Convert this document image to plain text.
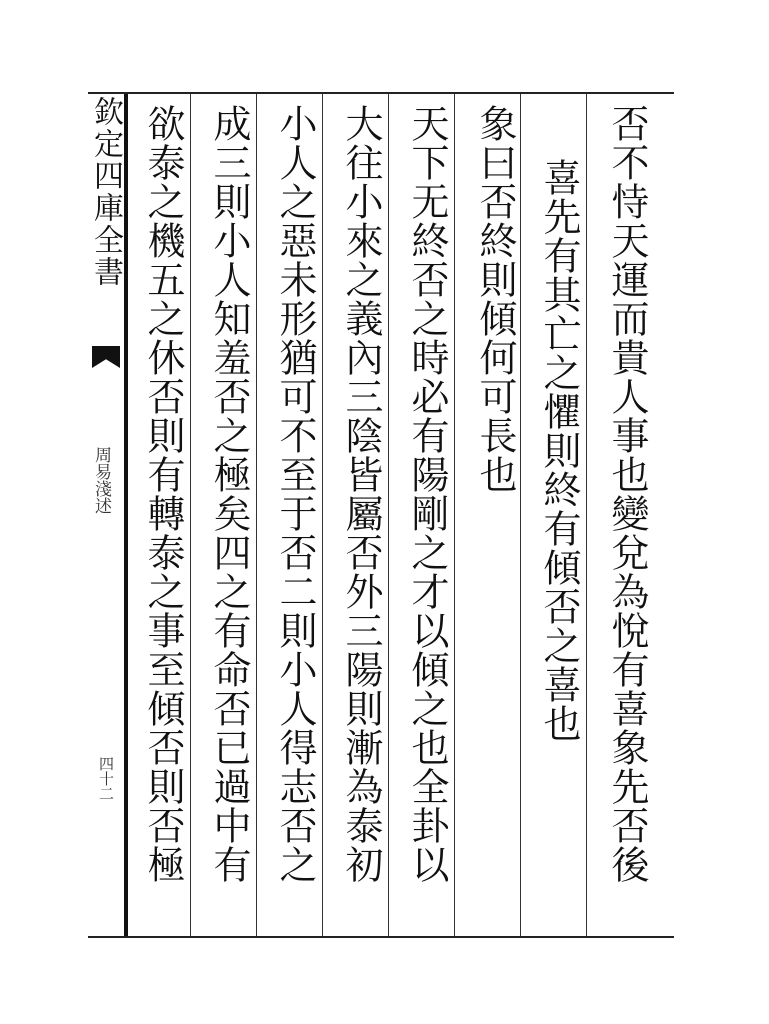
欽定四庫全書
周易淺述
四十二	否不恃天運而貴人事也變兌為悅有喜象先否後
喜先有其亡之懼則終有傾否之喜也
象曰否終則傾何可長也
天下无終否之時必有陽剛之才以傾之也全卦以
大往小來之義內三陰皆屬否外三陽則漸為泰初
小人之惡未形猶可不至于否二則小人得志否之
成三則小人知羞否之極矣四之有命否已過中有
欲泰之機五之休否則有轉泰之事至傾否則否極
